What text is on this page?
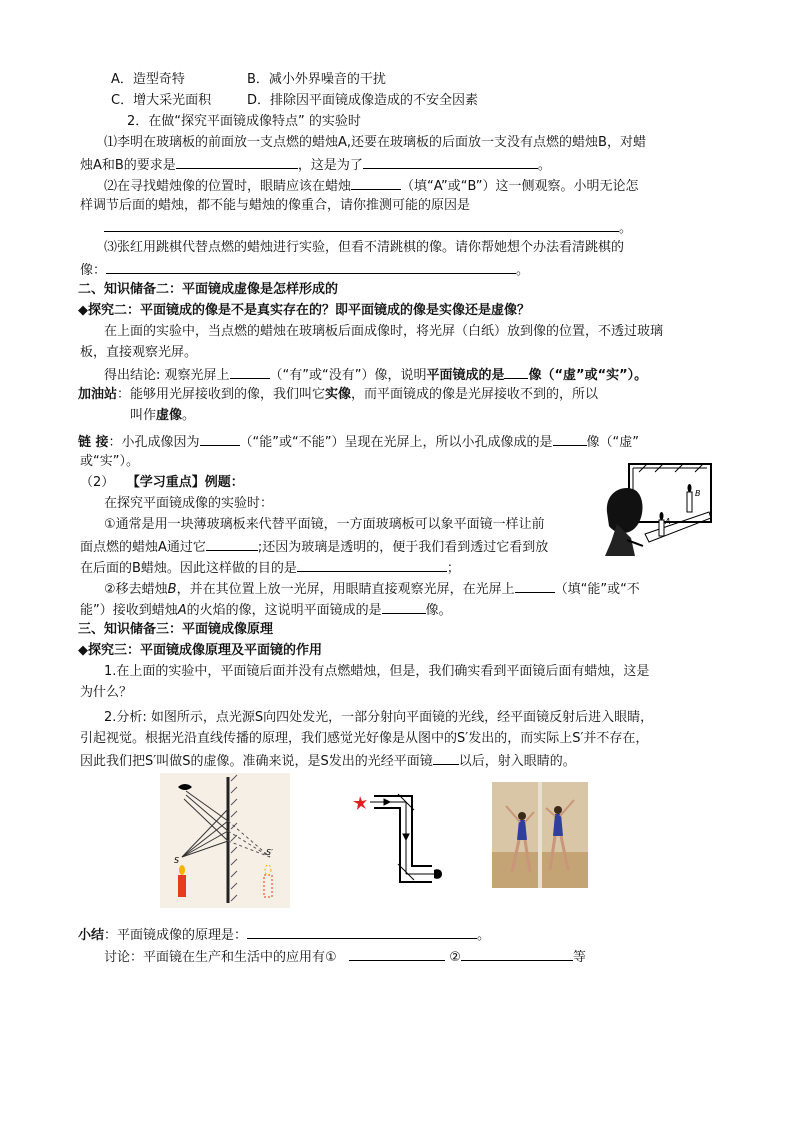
A．造型奇特	B．减小外界噪音的干扰
C．增大采光面积	D．排除因平面镜成像造成的不安全因素
2．在做“探究平面镜成像特点” 的实验时
⑴李明在玻璃板的前面放一支点燃的蜡烛A,还要在玻璃板的后面放一支没有点燃的蜡烛B，对蜡
烛A和B的要求是	，这是为了	。
⑵在寻找蜡烛像的位置时，眼睛应该在蜡烛	（填“A”或“B”）这一侧观察。小明无论怎
样调节后面的蜡烛，都不能与蜡烛的像重合，请你推测可能的原因是
。
⑶张红用跳棋代替点燃的蜡烛进行实验，但看不清跳棋的像。请你帮她想个办法看清跳棋的
像：	。
二、知识储备二：平面镜成虚像是怎样形成的
◆探究二：平面镜成的像是不是真实存在的？即平面镜成的像是实像还是虚像？
在上面的实验中，当点燃的蜡烛在玻璃板后面成像时，将光屏（白纸）放到像的位置，不透过玻璃
板，直接观察光屏。
得出结论: 观察光屏上	（“有”或“没有”）像，说明平面镜成的是 像（“虚”或“实”）。
加油站：能够用光屏接收到的像，我们叫它实像，而平面镜成的像是光屏接收不到的，所以
叫作虚像。
链 接：小孔成像因为	（“能”或“不能”）呈现在光屏上，所以小孔成像成的是	像（“虚”
或“实”）。
（2） 【学习重点】例题：
在探究平面镜成像的实验时：
①通常是用一块薄玻璃板来代替平面镜，一方面玻璃板可以象平面镜一样让前
面点燃的蜡烛A通过它	;还因为玻璃是透明的，便于我们看到透过它看到放
在后面的B蜡烛。因此这样做的目的是	；
②移去蜡烛B，并在其位置上放一光屏，用眼睛直接观察光屏，在光屏上	（填“能”或“不
能”）接收到蜡烛A的火焰的像，这说明平面镜成的是	像。
B
A
三、知识储备三：平面镜成像原理
◆探究三：平面镜成像原理及平面镜的作用
1.在上面的实验中，平面镜后面并没有点燃蜡烛，但是，我们确实看到平面镜后面有蜡烛，这是
为什么？
2.分析: 如图所示，点光源S向四处发光，一部分射向平面镜的光线，经平面镜反射后进入眼睛，
引起视觉。根据光沿直线传播的原理，我们感觉光好像是从图中的S′发出的，而实际上S′并不存在，
因此我们把S′叫做S的虚像。准确来说，是S发出的光经平面镜 以后，射入眼睛的。
S
S′
小结：平面镜成像的原理是：	。
讨论：平面镜在生产和生活中的应用有①	②	等
